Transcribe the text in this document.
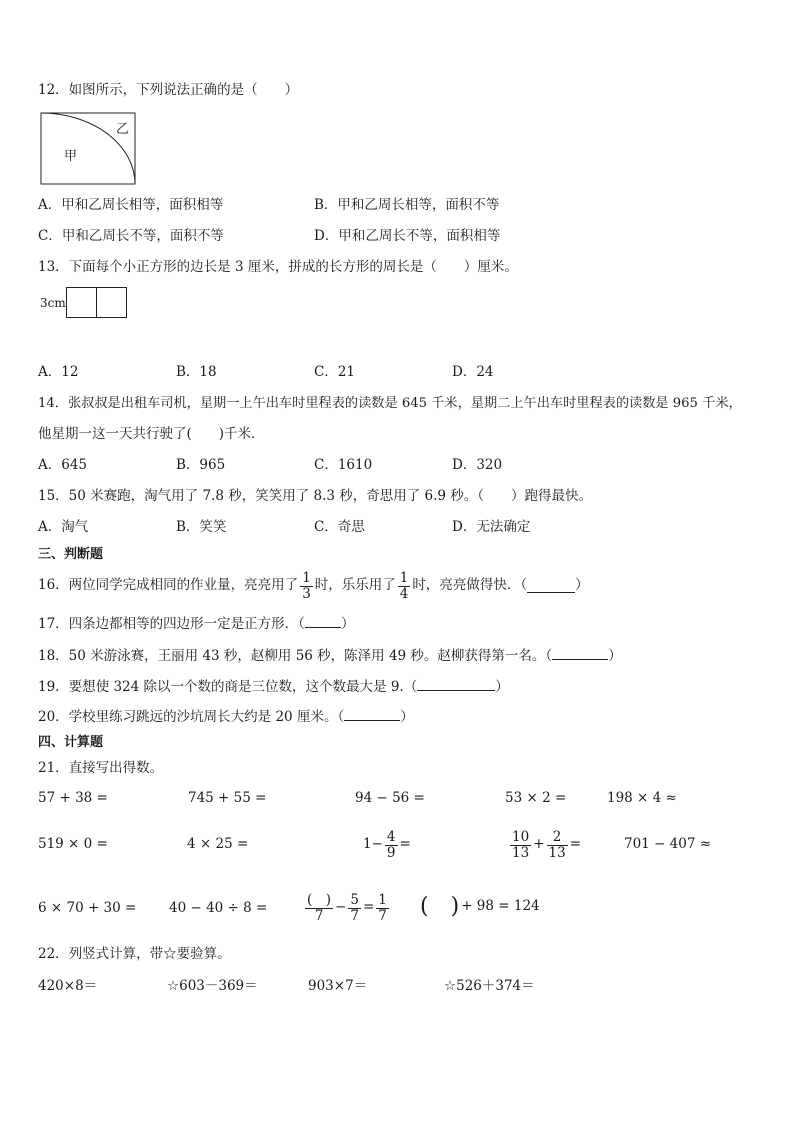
12．如图所示，下列说法正确的是（　　）
甲
乙
A．甲和乙周长相等，面积相等	B．甲和乙周长相等，面积不等
C．甲和乙周长不等，面积不等	D．甲和乙周长不等，面积相等
13．下面每个小正方形的边长是 3 厘米，拼成的长方形的周长是（　　）厘米。
3cm
A．12	B．18	C．21	D．24
14．张叔叔是出租车司机，星期一上午出车时里程表的读数是 645 千米，星期二上午出车时里程表的读数是 965 千米，
他星期一这一天共行驶了(　　)千米．
A．645	B．965	C．1610	D．320
15．50 米赛跑，淘气用了 7.8 秒，笑笑用了 8.3 秒，奇思用了 6.9 秒。（　　）跑得最快。
A．淘气	B．笑笑	C．奇思	D．无法确定
三、判断题
16．两位同学完成相同的作业量，亮亮用了 $\frac{1}{3}$ 时，乐乐用了 $\frac{1}{4}$ 时，亮亮做得快．（	）
17．四条边都相等的四边形一定是正方形．（	）
18．50 米游泳赛，王丽用 43 秒，赵柳用 56 秒，陈泽用 49 秒。赵柳获得第一名。（	）
19．要想使 324 除以一个数的商是三位数，这个数最大是 9.（	）
20．学校里练习跳远的沙坑周长大约是 20 厘米。（	）
四、计算题
21．直接写出得数。
57 + 38 =	745 + 55 =	94 − 56 =	53 × 2 =	198 × 4 ≈
519 × 0 =	4 × 25 =	$1- \frac{4}{9}$ =	$\frac{10}{13} + \frac{2}{13}$ =	701 − 407 ≈
6 × 70 + 30 = 40 − 40 ÷ 8 =	$\frac{( )}{7} - \frac{5}{7} = \frac{1}{7}$ ( ) + 98 = 124
22．列竖式计算，带☆要验算。
420×8＝	☆603－369＝	903×7＝	☆526＋374＝
